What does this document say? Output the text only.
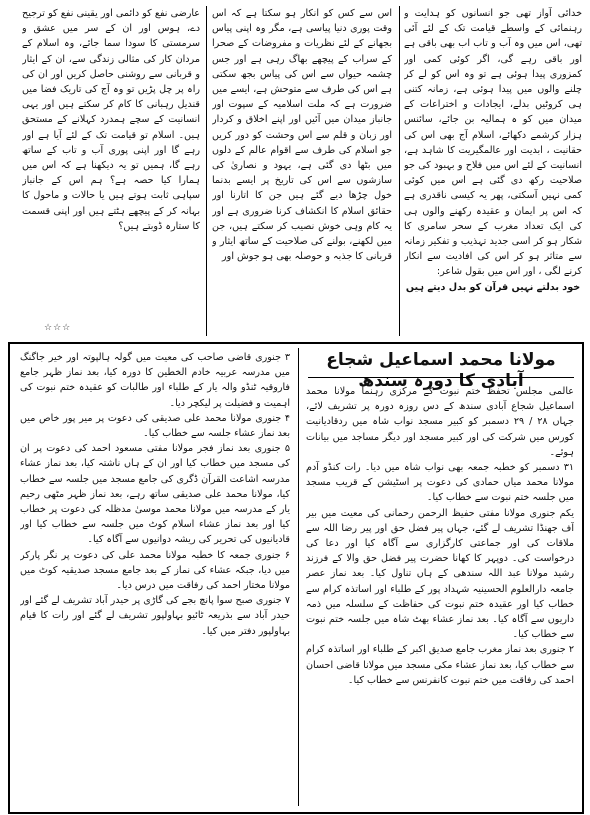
خدائی آواز تھی جو انسانوں کو ہدایت و رہنمائی کے واسطے قیامت تک کے لئے آئی تھی، اس میں وہ آب و تاب اب بھی باقی ہے اور باقی رہے گی، اگر کوئی کمی اور کمزوری پیدا ہوئی ہے تو وہ اس کو لے کر چلنے والوں میں پیدا ہوئی ہے، زمانہ کتنی ہی کروٹیں بدلے، ایجادات و اختراعات کے میدان میں کو ہ ہمالیہ بن جائے، سائنس ہزار کرشمے دکھائے، اسلام آج بھی اس کی حقانیت ، ابدیت اور عالمگیریت کا شاہد ہے، انسانیت کے لئے اس میں فلاح و بہبود کی جو صلاحیت رکھ دی گئی ہے اس میں کوئی کمی نہیں آسکتی، پھر یہ کیسی ناقدری ہے کہ اس پر ایمان و عقیدہ رکھنے والوں ہی کی ایک تعداد مغرب کے سحر سامری کا شکار ہو کر اسی جدید تہذیب و تفکیر زمانہ سے متاثر ہو کر اس کی افادیت سے انکار کرنے لگی ، اور اس میں بقول شاعر:

خود بدلتے نہیں قرآن کو بدل دیتے ہیں

اس سے کس کو انکار ہو سکتا ہے کہ اس وقت پوری دنیا پیاسی ہے، مگر وہ اپنی پیاس بجھانے کے لئے نظریات و مفروضات کے صحرا کے سراب کے پیچھے بھاگ رہی ہے اور جس چشمہ حیواں سے اس کی پیاس بجھ سکتی ہے اس کی طرف سے متوحش ہے، ایسے میں ضرورت ہے کہ ملت اسلامیہ کے سپوت اور جانباز میدان میں آئیں اور اپنے اخلاق و کردار اور زبان و قلم سے اس وحشت کو دور کریں جو اسلام کی طرف سے اقوام عالم کے دلوں میں بٹھا دی گئی ہے، یہود و نصاریٰ کی سازشوں سے اس کی تاریخ پر ایسے بدنما خول چڑھا دیے گئے ہیں جن کا اتارنا اور حقائق اسلام کا انکشاف کرنا ضروری ہے اور یہ کام وہی خوش نصیب کر سکتے ہیں، جن میں لکھنے، بولنے کی صلاحیت کے ساتھ ایثار و قربانی کا جذبہ و حوصلہ بھی ہو جوش اور

عارضی نفع کو دائمی اور یقینی نفع کو ترجیح دے، ہوس اور ان کے سر میں عشق و سرمستی کا سودا سما جائے، وہ اسلام کے مردان کار کی مثالی زندگی سے، ان کے ایثار و قربانی سے روشنی حاصل کریں اور ان کی راہ پر چل پڑیں تو وہ آج کی تاریک فضا میں قندیل رہبانی کا کام کر سکتے ہیں اور یہی انسانیت کے سچے ہمدرد کہلانے کے مستحق ہیں۔ اسلام تو قیامت تک کے لئے آیا ہے اور رہے گا اور اپنی پوری آب و تاب کے ساتھ رہے گا، ہمیں تو یہ دیکھنا ہے کہ اس میں ہمارا کیا حصہ ہے؟ ہم اس کے جانباز سپاہی ثابت ہوتے ہیں یا حالات و ماحول کا بہانہ کر کے پیچھے ہٹتے ہیں اور اپنی قسمت کا ستارہ ڈوبتے ہیں؟

☆☆☆
مولانا محمد اسماعیل شجاع آبادی کا دورہ سندھ

عالمی مجلس تحفظ ختم نبوت کے مرکزی رہنما مولانا محمد اسماعیل شجاع آبادی سندھ کے دس روزہ دورہ پر تشریف لائے، جہاں ۲۸ / ۲۹ دسمبر کو کبیر مسجد نواب شاہ میں ردقادیانیت کورس میں شرکت کی اور کبیر مسجد اور دیگر مساجد میں بیانات ہوئے۔

۳۱ دسمبر کو خطبہ جمعہ بھی نواب شاہ میں دیا۔ رات کنڈو آدم مولانا محمد میاں حمادی کی دعوت پر اسٹیشن کے قریب مسجد میں جلسہ ختم نبوت سے خطاب کیا۔

یکم جنوری مولانا مفتی حفیظ الرحمن رحمانی کی معیت میں بیر آف جھنڈا تشریف لے گئے، جہاں پیر فضل حق اور پیر رضا اللہ سے ملاقات کی اور جماعتی کارگزاری سے آگاہ کیا اور دعا کی درخواست کی۔ دوپہر کا کھانا حضرت پیر فضل حق والا کے فرزند رشید مولانا عبد اللہ سندھی کے ہاں تناول کیا۔ بعد نماز عصر جامعہ دارالعلوم الحسینیہ شہداد پور کے طلباء اور اساتذہ کرام سے خطاب کیا اور عقیدہ ختم نبوت کی حفاظت کے سلسلہ میں ذمہ داریوں سے آگاہ کیا۔ بعد نماز عشاء بھٹ شاہ میں جلسہ ختم نبوت سے خطاب کیا۔

۲ جنوری بعد نماز مغرب جامع صدیق اکبر کے طلباء اور اساتذہ کرام سے خطاب کیا، بعد نماز عشاء مکی مسجد میں مولانا قاضی احسان احمد کی رفاقت میں ختم نبوت کانفرنس سے خطاب کیا۔

۳ جنوری قاضی صاحب کی معیت میں گولہ ہالپوتہ اور خیر جاگنگ میں مدرسہ عربیہ خادم الخطین کا دورہ کیا، بعد نماز ظہر جامع فاروقیہ ٹنڈو والہ یار کے طلباء اور طالبات کو عقیدہ ختم نبوت کی اہمیت و فضیلت پر لیکچر دیا۔

۴ جنوری مولانا محمد علی صدیقی کی دعوت پر میر پور خاص میں بعد نماز عشاء جلسہ سے خطاب کیا۔

۵ جنوری بعد نماز فجر مولانا مفتی مسعود احمد کی دعوت پر ان کی مسجد میں خطاب کیا اور ان کے ہاں ناشتہ کیا، بعد نماز عشاء مدرسہ اشاعت القرآن ڈگری کی جامع مسجد میں جلسہ سے خطاب کیا، مولانا محمد علی صدیقی ساتھ رہے، بعد نماز ظہر مٹھی رحیم یار کے مدرسہ میں مولانا محمد موسیٰ مدظلہ کی دعوت پر خطاب کیا اور بعد نماز عشاء اسلام کوٹ میں جلسہ سے خطاب کیا اور قادیانیوں کی تحریر کی ریشہ دوانیوں سے آگاہ کیا۔

۶ جنوری جمعہ کا خطبہ مولانا محمد علی کی دعوت پر نگر پارکر میں دیا، جبکہ عشاء کی نماز کے بعد جامع مسجد صدیقیہ کوٹ میں مولانا مختار احمد کی رفاقت میں درس دیا۔

۷ جنوری صبح سوا پانچ بجے کی گاڑی پر حیدر آباد تشریف لے گئے اور حیدر آباد سے بذریعہ ٹائیو بہاولپور تشریف لے گئے اور رات کا قیام بہاولپور دفتر میں کیا۔
